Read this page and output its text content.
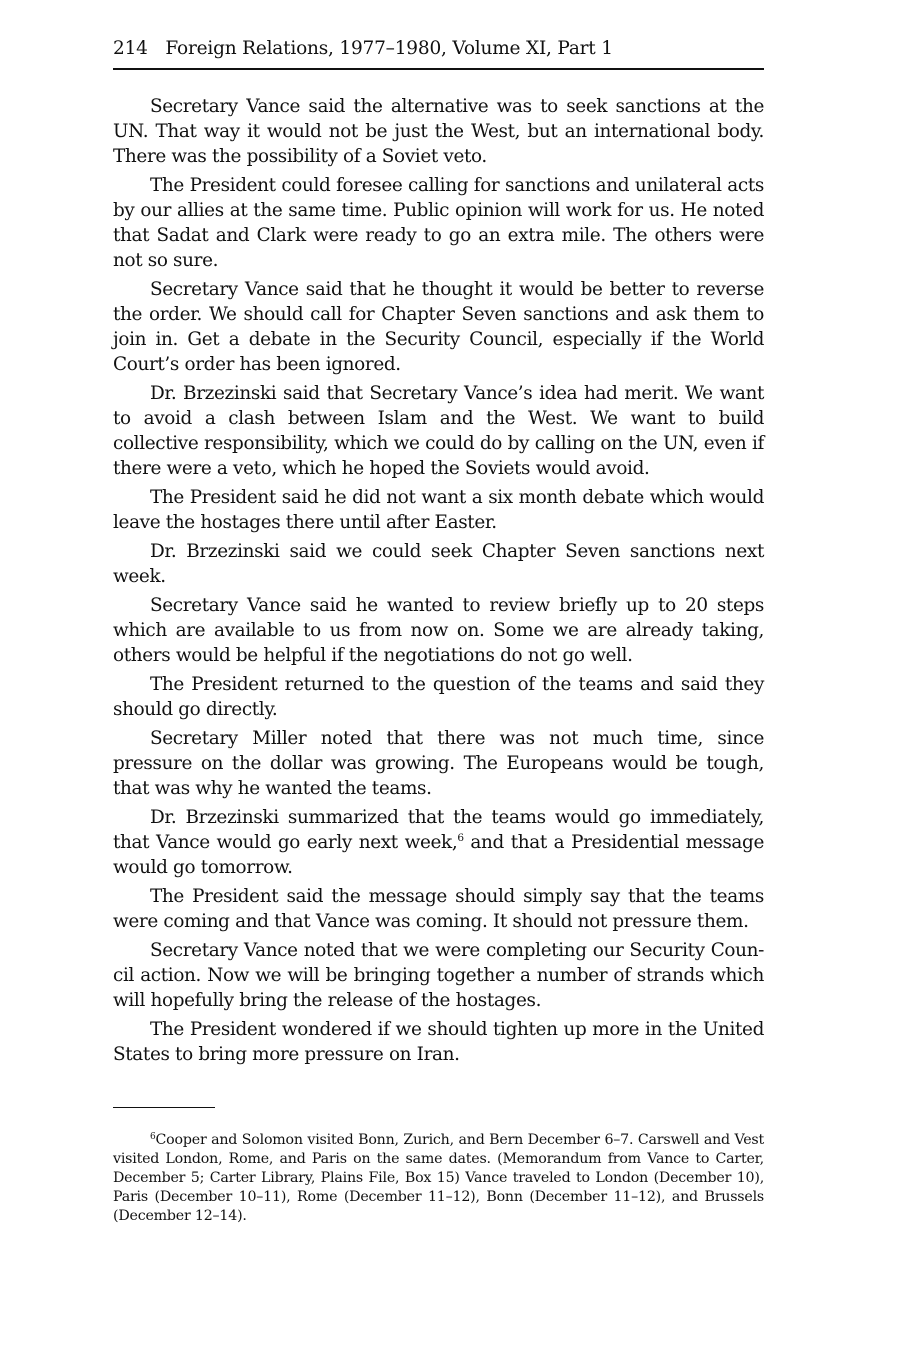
214 Foreign Relations, 1977–1980, Volume XI, Part 1

Secretary Vance said the alternative was to seek sanctions at the UN. That way it would not be just the West, but an international body. There was the possibility of a Soviet veto.

The President could foresee calling for sanctions and unilateral acts by our allies at the same time. Public opinion will work for us. He noted that Sadat and Clark were ready to go an extra mile. The others were not so sure.

Secretary Vance said that he thought it would be better to reverse the order. We should call for Chapter Seven sanctions and ask them to join in. Get a debate in the Security Council, especially if the World Court’s order has been ignored.

Dr. Brzezinski said that Secretary Vance’s idea had merit. We want to avoid a clash between Islam and the West. We want to build collective responsibility, which we could do by calling on the UN, even if there were a veto, which he hoped the Soviets would avoid.

The President said he did not want a six month debate which would leave the hostages there until after Easter.

Dr. Brzezinski said we could seek Chapter Seven sanctions next week.

Secretary Vance said he wanted to review briefly up to 20 steps which are available to us from now on. Some we are already taking, others would be helpful if the negotiations do not go well.

The President returned to the question of the teams and said they should go directly.

Secretary Miller noted that there was not much time, since pressure on the dollar was growing. The Europeans would be tough, that was why he wanted the teams.

Dr. Brzezinski summarized that the teams would go immediately, that Vance would go early next week,$^6$ and that a Presidential message would go tomorrow.

The President said the message should simply say that the teams were coming and that Vance was coming. It should not pressure them.

Secretary Vance noted that we were completing our Security Coun-cil action. Now we will be bringing together a number of strands which will hopefully bring the release of the hostages.

The President wondered if we should tighten up more in the United States to bring more pressure on Iran.

$^6$Cooper and Solomon visited Bonn, Zurich, and Bern December 6–7. Carswell and Vest visited London, Rome, and Paris on the same dates. (Memorandum from Vance to Carter, December 5; Carter Library, Plains File, Box 15) Vance traveled to London (December 10), Paris (December 10–11), Rome (December 11–12), Bonn (December 11–12), and Brussels (December 12–14).
